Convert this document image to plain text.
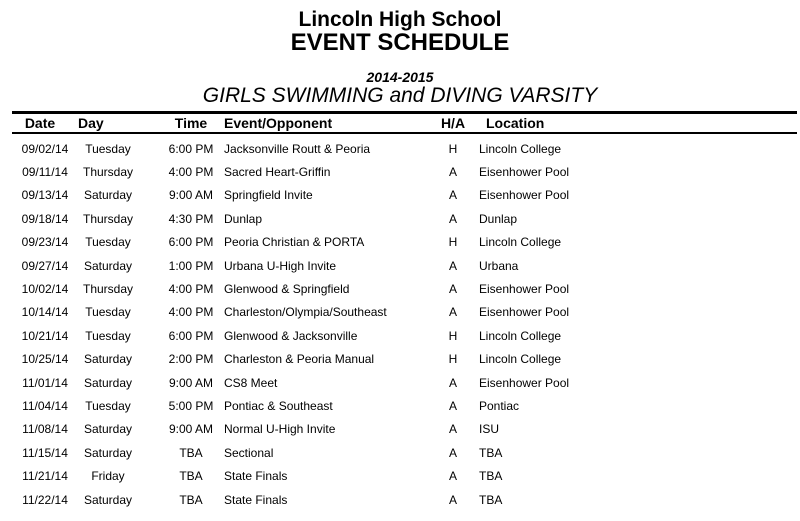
Lincoln High School
EVENT SCHEDULE
2014-2015
GIRLS SWIMMING and DIVING VARSITY
Date	Day	Time	Event/Opponent	H/A	Location
09/02/14	Tuesday	6:00 PM Jacksonville Routt & Peoria	H	Lincoln College
09/11/14	Thursday	4:00 PM Sacred Heart-Griffin	A	Eisenhower Pool
09/13/14	Saturday	9:00 AM Springfield Invite	A	Eisenhower Pool
09/18/14	Thursday	4:30 PM Dunlap	A	Dunlap
09/23/14	Tuesday	6:00 PM Peoria Christian & PORTA	H	Lincoln College
09/27/14	Saturday	1:00 PM Urbana U-High Invite	A	Urbana
10/02/14	Thursday	4:00 PM Glenwood & Springfield	A	Eisenhower Pool
10/14/14	Tuesday	4:00 PM Charleston/Olympia/Southeast	A	Eisenhower Pool
10/21/14	Tuesday	6:00 PM Glenwood & Jacksonville	H	Lincoln College
10/25/14	Saturday	2:00 PM Charleston & Peoria Manual	H	Lincoln College
11/01/14	Saturday	9:00 AM CS8 Meet	A	Eisenhower Pool
11/04/14	Tuesday	5:00 PM Pontiac & Southeast	A	Pontiac
11/08/14	Saturday	9:00 AM Normal U-High Invite	A	ISU
11/15/14	Saturday	TBA	Sectional	A	TBA
11/21/14	Friday	TBA	State Finals	A	TBA
11/22/14	Saturday	TBA	State Finals	A	TBA
